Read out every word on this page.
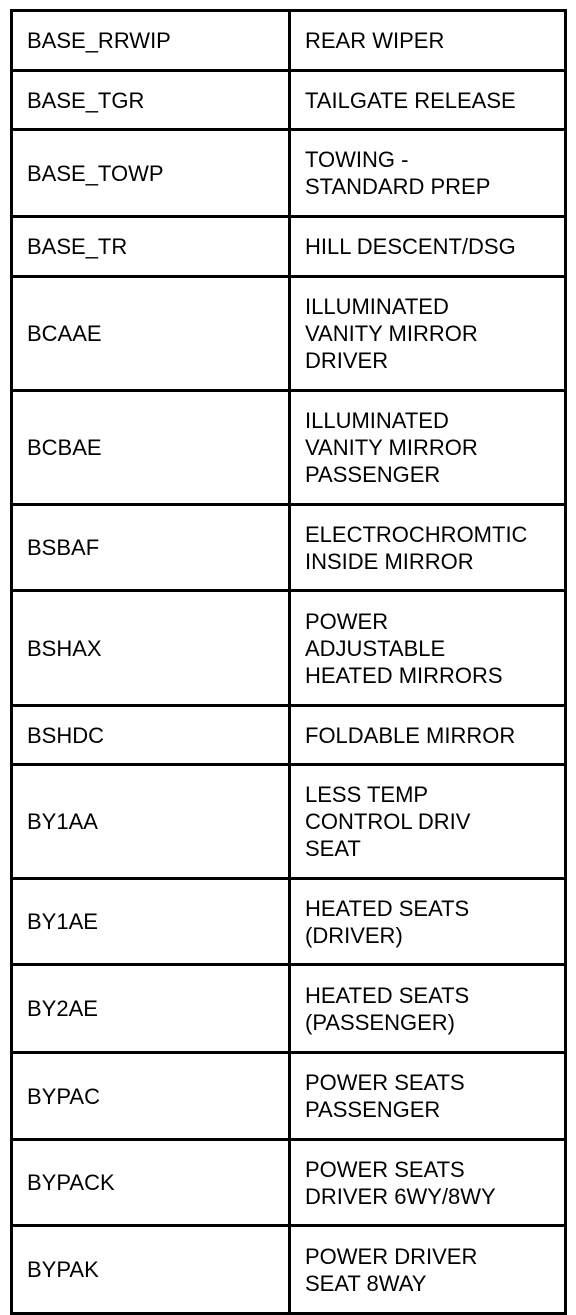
BASE_RRWIP	REAR WIPER
BASE_TGR	TAILGATE RELEASE
BASE_TOWP	TOWING -
STANDARD PREP
BASE_TR	HILL DESCENT/DSG
BCAAE	ILLUMINATED
VANITY MIRROR
DRIVER
BCBAE	ILLUMINATED
VANITY MIRROR
PASSENGER
BSBAF	ELECTROCHROMTIC
INSIDE MIRROR
BSHAX	POWER
ADJUSTABLE
HEATED MIRRORS
BSHDC	FOLDABLE MIRROR
BY1AA	LESS TEMP
CONTROL DRIV
SEAT
BY1AE	HEATED SEATS
(DRIVER)
BY2AE	HEATED SEATS
(PASSENGER)
BYPAC	POWER SEATS
PASSENGER
BYPACK	POWER SEATS
DRIVER 6WY/8WY
BYPAK	POWER DRIVER
SEAT 8WAY
